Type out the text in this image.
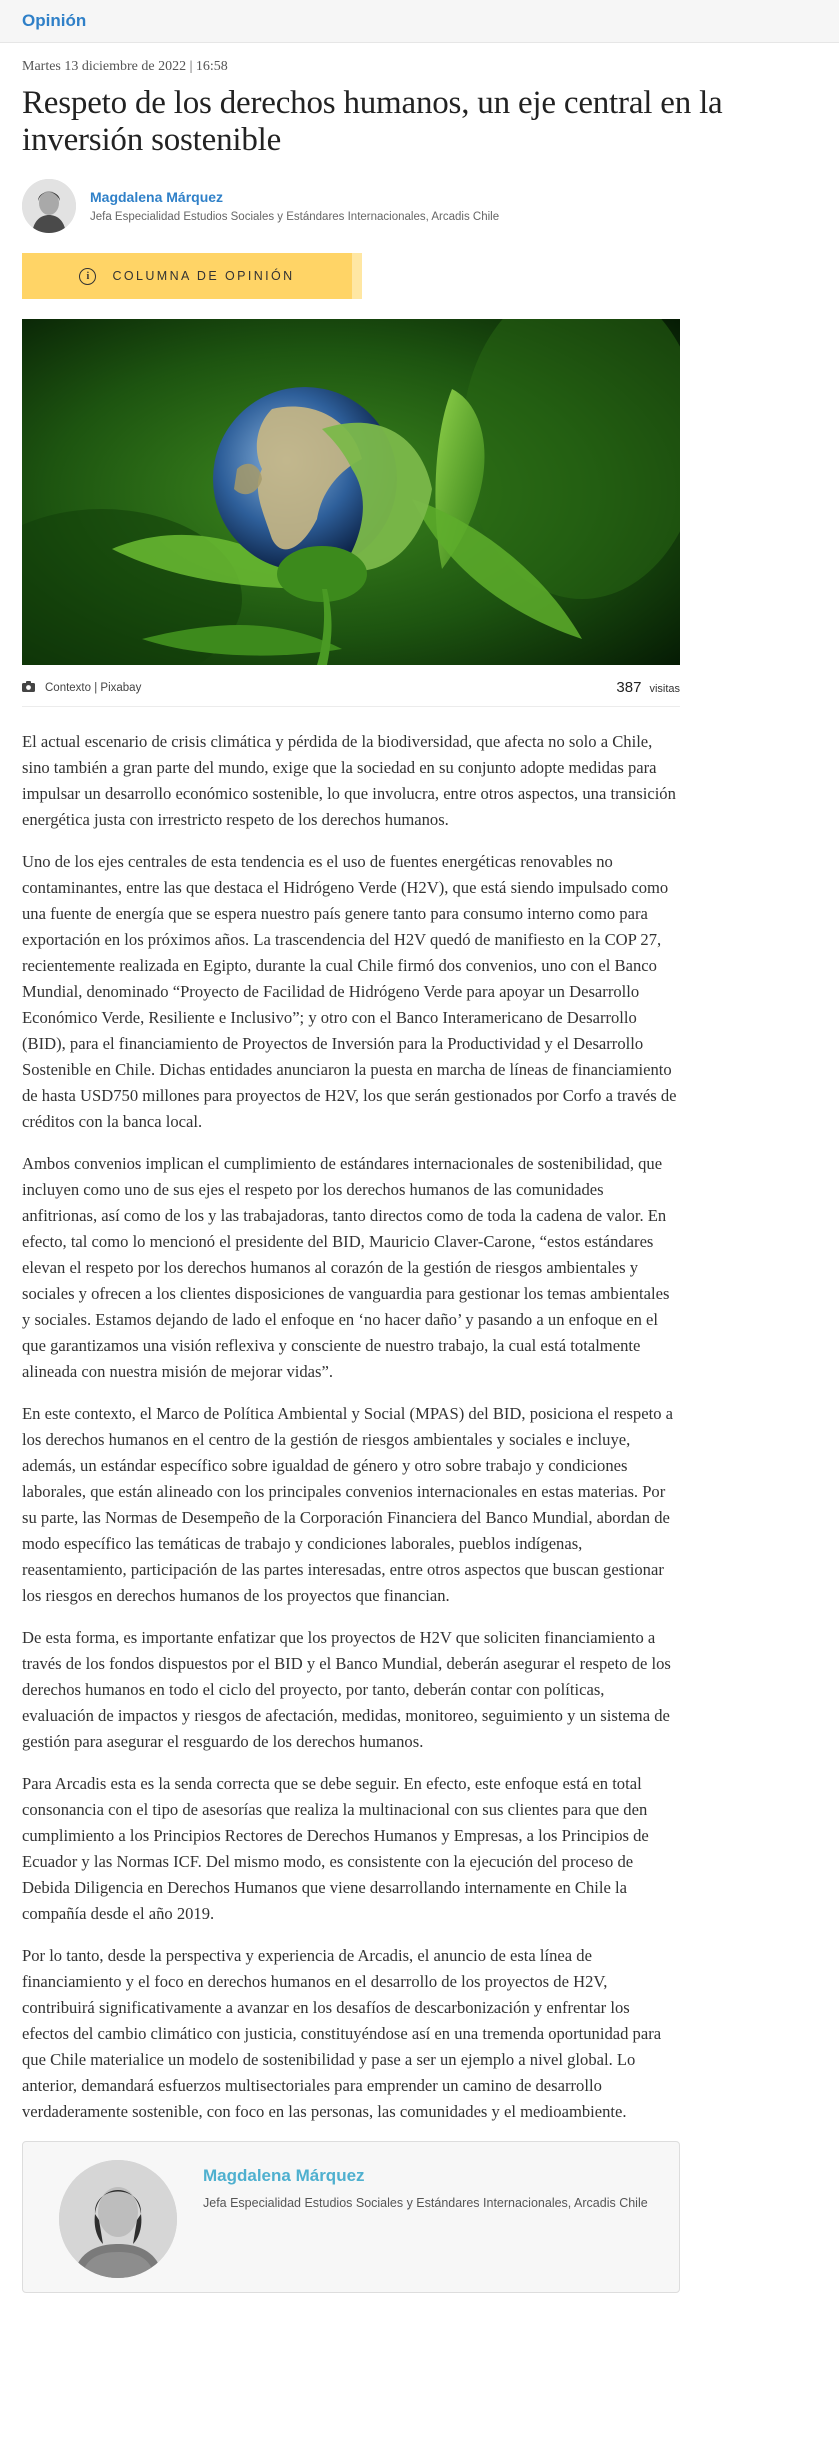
Opinión
Martes 13 diciembre de 2022 | 16:58
Respeto de los derechos humanos, un eje central en la inversión sostenible
Magdalena Márquez
Jefa Especialidad Estudios Sociales y Estándares Internacionales, Arcadis Chile
i	COLUMNA DE OPINIÓN
Contexto | Pixabay	387 visitas

El actual escenario de crisis climática y pérdida de la biodiversidad, que afecta no solo a Chile, sino también a gran parte del mundo, exige que la sociedad en su conjunto adopte medidas para impulsar un desarrollo económico sostenible, lo que involucra, entre otros aspectos, una transición energética justa con irrestricto respeto de los derechos humanos.

Uno de los ejes centrales de esta tendencia es el uso de fuentes energéticas renovables no contaminantes, entre las que destaca el Hidrógeno Verde (H2V), que está siendo impulsado como una fuente de energía que se espera nuestro país genere tanto para consumo interno como para exportación en los próximos años. La trascendencia del H2V quedó de manifiesto en la COP 27, recientemente realizada en Egipto, durante la cual Chile firmó dos convenios, uno con el Banco Mundial, denominado “Proyecto de Facilidad de Hidrógeno Verde para apoyar un Desarrollo Económico Verde, Resiliente e Inclusivo”; y otro con el Banco Interamericano de Desarrollo (BID), para el financiamiento de Proyectos de Inversión para la Productividad y el Desarrollo Sostenible en Chile. Dichas entidades anunciaron la puesta en marcha de líneas de financiamiento de hasta USD750 millones para proyectos de H2V, los que serán gestionados por Corfo a través de créditos con la banca local.

Ambos convenios implican el cumplimiento de estándares internacionales de sostenibilidad, que incluyen como uno de sus ejes el respeto por los derechos humanos de las comunidades anfitrionas, así como de los y las trabajadoras, tanto directos como de toda la cadena de valor. En efecto, tal como lo mencionó el presidente del BID, Mauricio Claver-Carone, “estos estándares elevan el respeto por los derechos humanos al corazón de la gestión de riesgos ambientales y sociales y ofrecen a los clientes disposiciones de vanguardia para gestionar los temas ambientales y sociales. Estamos dejando de lado el enfoque en ‘no hacer daño’ y pasando a un enfoque en el que garantizamos una visión reflexiva y consciente de nuestro trabajo, la cual está totalmente alineada con nuestra misión de mejorar vidas”.

En este contexto, el Marco de Política Ambiental y Social (MPAS) del BID, posiciona el respeto a los derechos humanos en el centro de la gestión de riesgos ambientales y sociales e incluye, además, un estándar específico sobre igualdad de género y otro sobre trabajo y condiciones laborales, que están alineado con los principales convenios internacionales en estas materias. Por su parte, las Normas de Desempeño de la Corporación Financiera del Banco Mundial, abordan de modo específico las temáticas de trabajo y condiciones laborales, pueblos indígenas, reasentamiento, participación de las partes interesadas, entre otros aspectos que buscan gestionar los riesgos en derechos humanos de los proyectos que financian.

De esta forma, es importante enfatizar que los proyectos de H2V que soliciten financiamiento a través de los fondos dispuestos por el BID y el Banco Mundial, deberán asegurar el respeto de los derechos humanos en todo el ciclo del proyecto, por tanto, deberán contar con políticas, evaluación de impactos y riesgos de afectación, medidas, monitoreo, seguimiento y un sistema de gestión para asegurar el resguardo de los derechos humanos.

Para Arcadis esta es la senda correcta que se debe seguir. En efecto, este enfoque está en total consonancia con el tipo de asesorías que realiza la multinacional con sus clientes para que den cumplimiento a los Principios Rectores de Derechos Humanos y Empresas, a los Principios de Ecuador y las Normas ICF. Del mismo modo, es consistente con la ejecución del proceso de Debida Diligencia en Derechos Humanos que viene desarrollando internamente en Chile la compañía desde el año 2019.

Por lo tanto, desde la perspectiva y experiencia de Arcadis, el anuncio de esta línea de financiamiento y el foco en derechos humanos en el desarrollo de los proyectos de H2V, contribuirá significativamente a avanzar en los desafíos de descarbonización y enfrentar los efectos del cambio climático con justicia, constituyéndose así en una tremenda oportunidad para que Chile materialice un modelo de sostenibilidad y pase a ser un ejemplo a nivel global. Lo anterior, demandará esfuerzos multisectoriales para emprender un camino de desarrollo verdaderamente sostenible, con foco en las personas, las comunidades y el medioambiente.

Magdalena Márquez
Jefa Especialidad Estudios Sociales y Estándares Internacionales, Arcadis Chile
